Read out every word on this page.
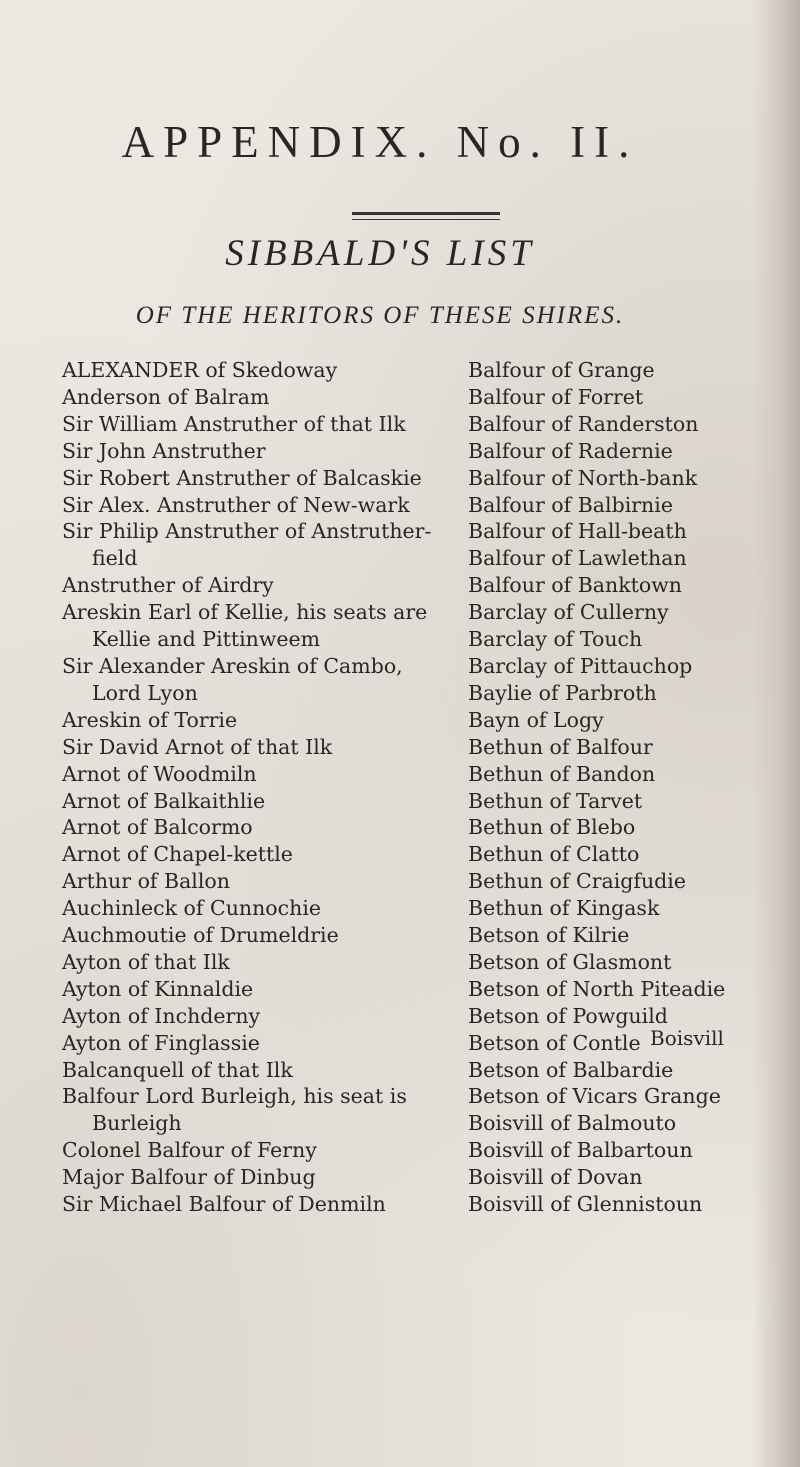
APPENDIX. No. II.
SIBBALD'S LIST
OF THE HERITORS OF THESE SHIRES.
ALEXANDER of Skedoway
Anderson of Balram
Sir William Anstruther of that Ilk
Sir John Anstruther
Sir Robert Anstruther of Balcaskie
Sir Alex. Anstruther of New-wark
Sir Philip Anstruther of Anstruther-
field
Anstruther of Airdry
Areskin Earl of Kellie, his seats are
Kellie and Pittinweem
Sir Alexander Areskin of Cambo,
Lord Lyon
Areskin of Torrie
Sir David Arnot of that Ilk
Arnot of Woodmiln
Arnot of Balkaithlie
Arnot of Balcormo
Arnot of Chapel-kettle
Arthur of Ballon
Auchinleck of Cunnochie
Auchmoutie of Drumeldrie
Ayton of that Ilk
Ayton of Kinnaldie
Ayton of Inchderny
Ayton of Finglassie
Balcanquell of that Ilk
Balfour Lord Burleigh, his seat is
Burleigh
Colonel Balfour of Ferny
Major Balfour of Dinbug
Sir Michael Balfour of Denmiln
Balfour of Grange
Balfour of Forret
Balfour of Randerston
Balfour of Radernie
Balfour of North-bank
Balfour of Balbirnie
Balfour of Hall-beath
Balfour of Lawlethan
Balfour of Banktown
Barclay of Cullerny
Barclay of Touch
Barclay of Pittauchop
Baylie of Parbroth
Bayn of Logy
Bethun of Balfour
Bethun of Bandon
Bethun of Tarvet
Bethun of Blebo
Bethun of Clatto
Bethun of Craigfudie
Bethun of Kingask
Betson of Kilrie
Betson of Glasmont
Betson of North Piteadie
Betson of Powguild
Betson of Contle
Betson of Balbardie
Betson of Vicars Grange
Boisvill of Balmouto
Boisvill of Balbartoun
Boisvill of Dovan
Boisvill of Glennistoun
Boisvill
